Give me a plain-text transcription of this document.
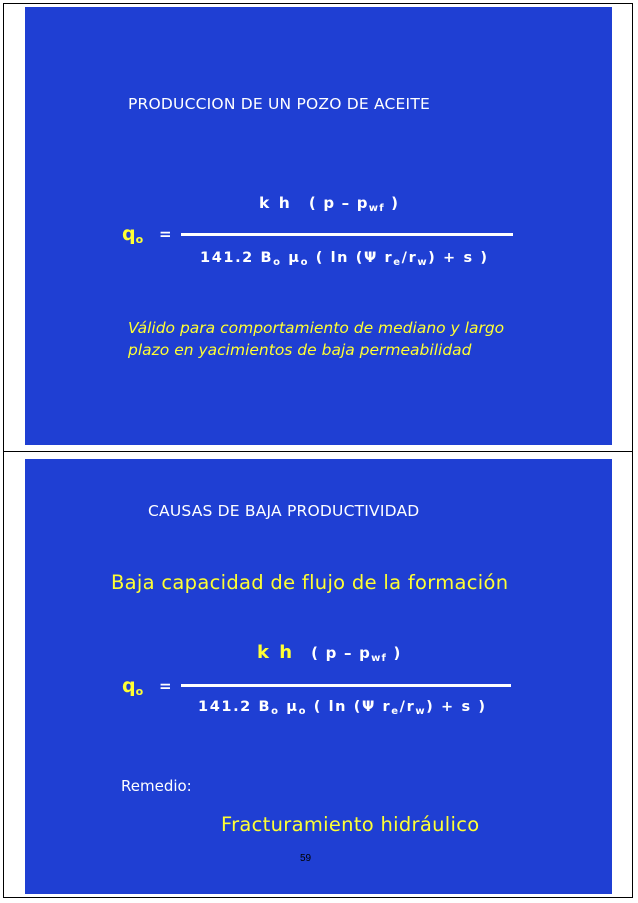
PRODUCCION DE UN POZO DE ACEITE
k h ( p – $p_{wf}$ )
$q_o$ =
141.2 $B_o$ $\mu_o$ ( ln (Ψ $r_e/r_w) + s$ )
Válido para comportamiento de mediano y largo
plazo en yacimientos de baja permeabilidad
CAUSAS DE BAJA PRODUCTIVIDAD
Baja capacidad de flujo de la formación
k h ( p – $p_{wf}$ )
$q_o$ =
141.2 $B_o$ $\mu_o$ ( ln (Ψ $r_e/r_w) + s$ )
Remedio:
Fracturamiento hidráulico
59
